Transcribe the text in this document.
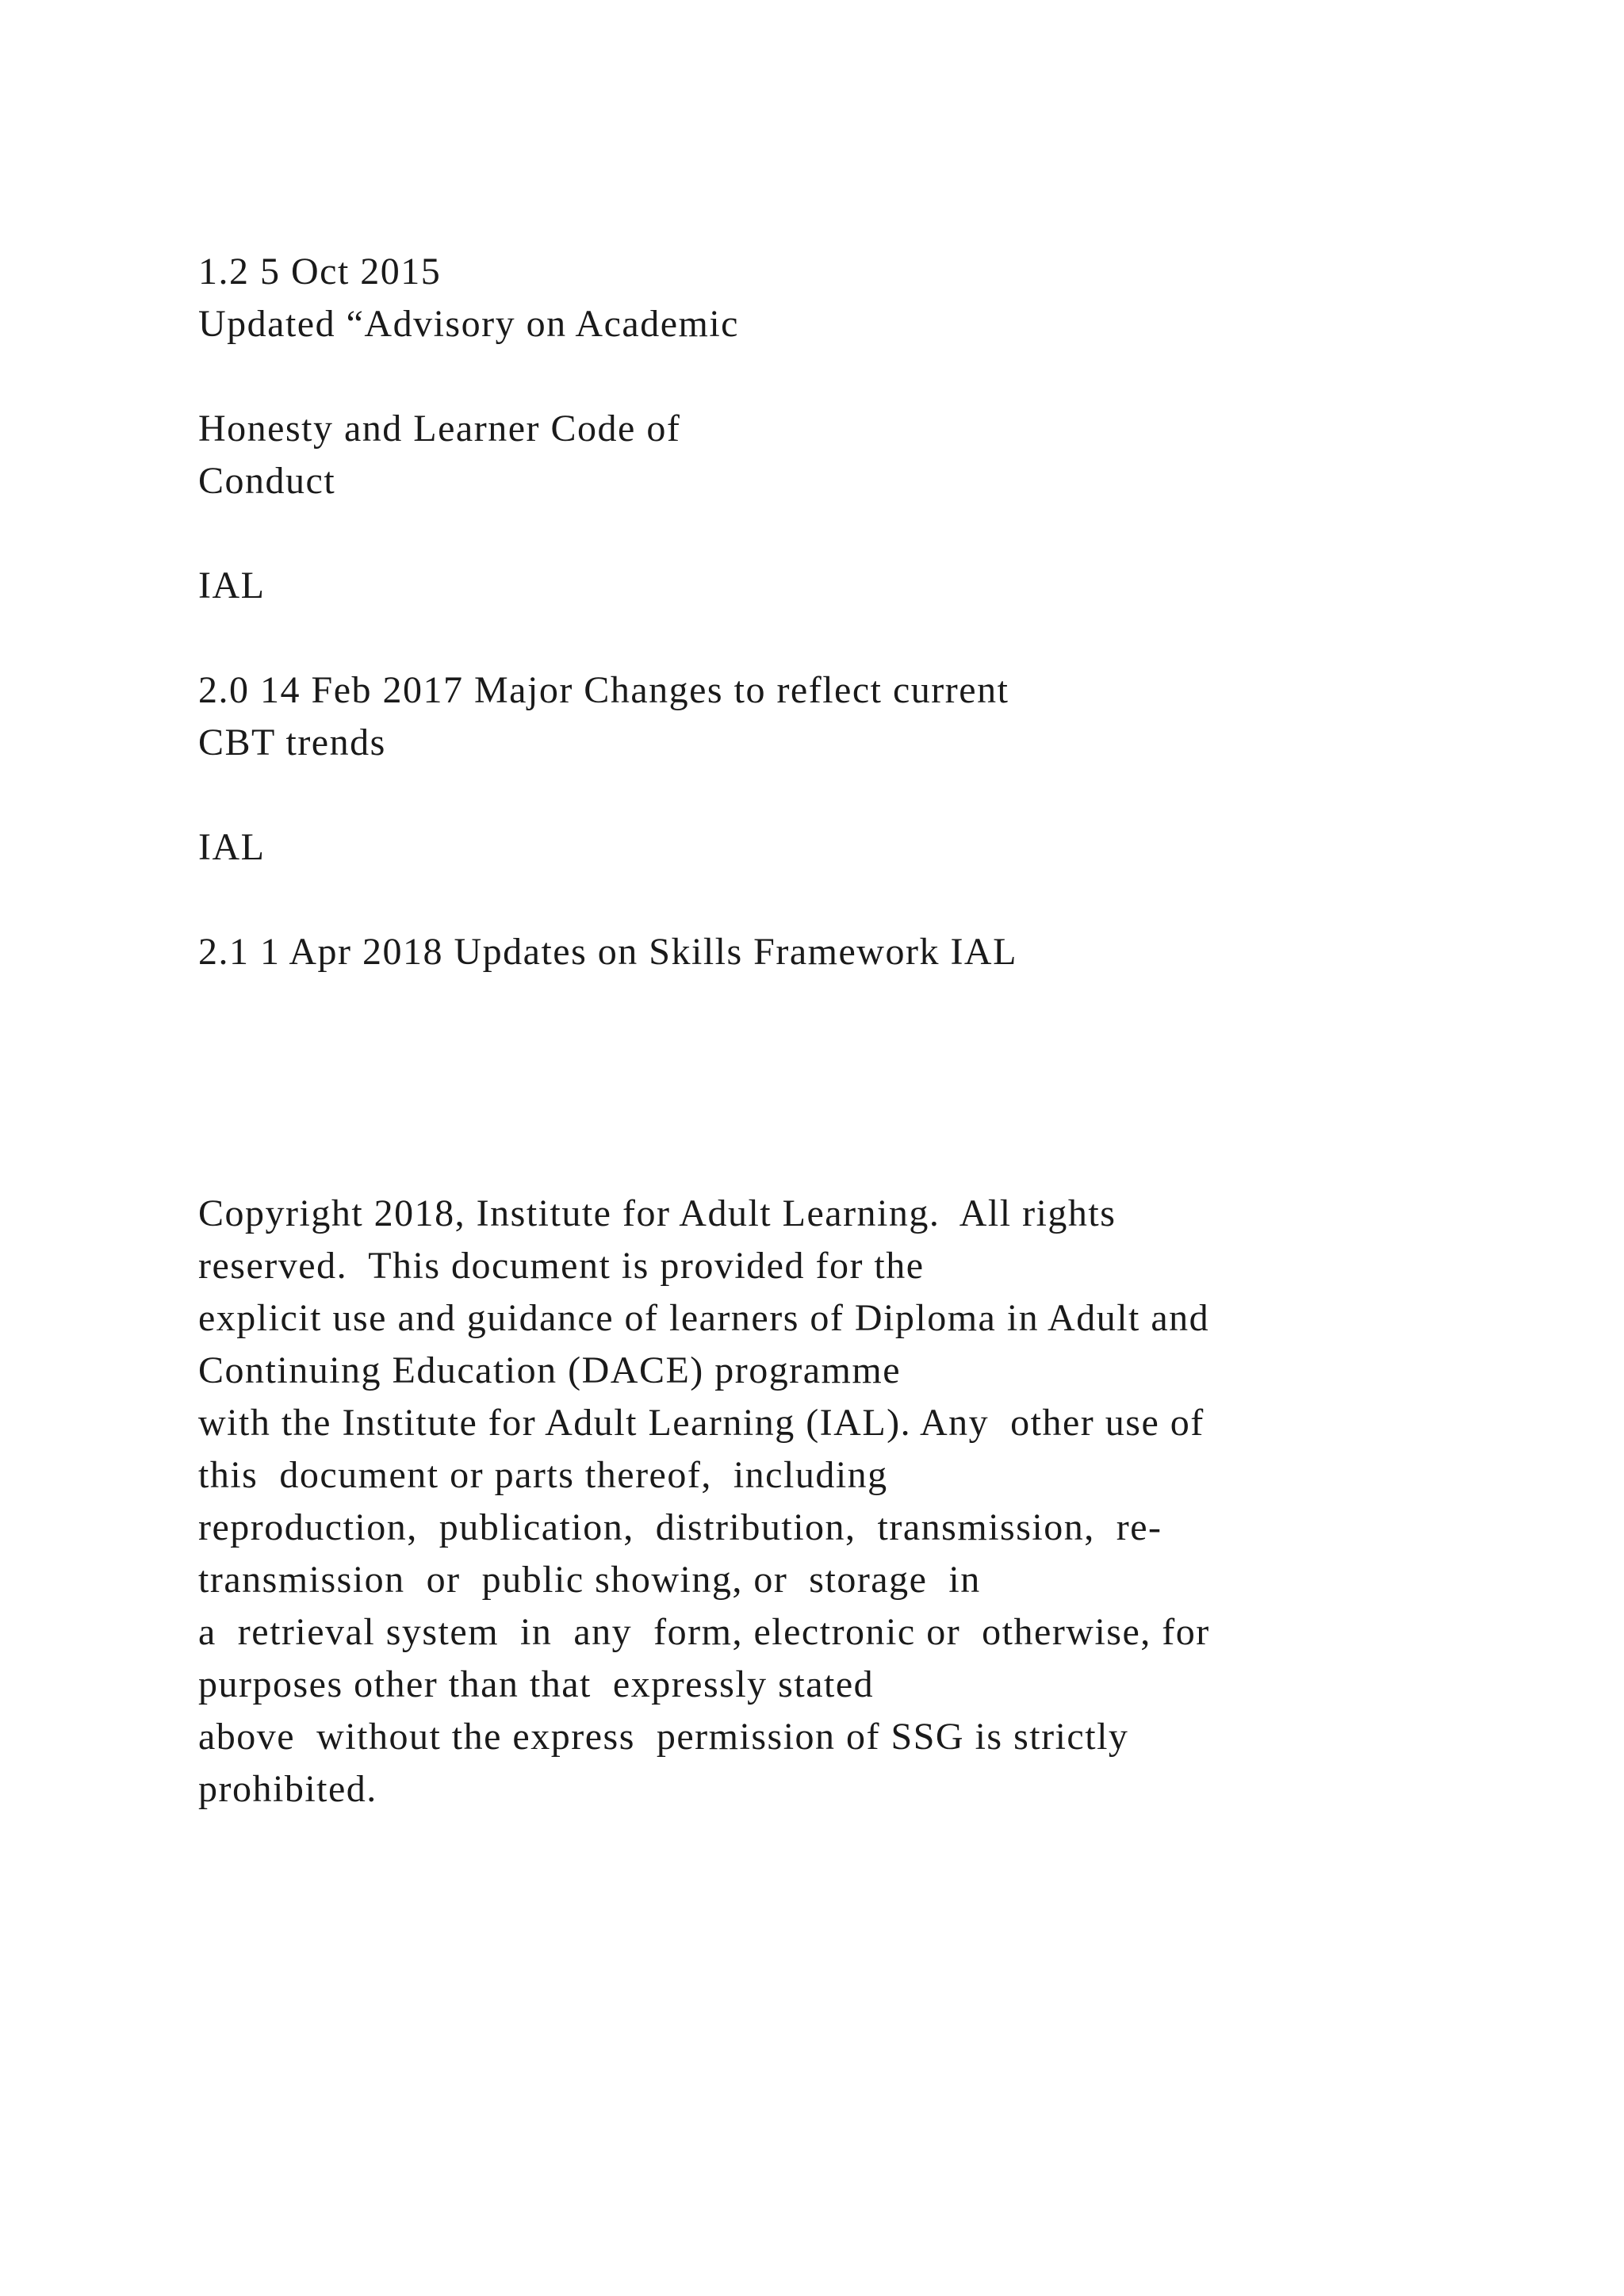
1.2 5 Oct 2015
Updated “Advisory on Academic

Honesty and Learner Code of
Conduct

IAL
2.0 14 Feb 2017 Major Changes to reflect current
CBT trends

IAL
2.1 1 Apr 2018 Updates on Skills Framework IAL
Copyright 2018, Institute for Adult Learning.  All rights
reserved.  This document is provided for the
explicit use and guidance of learners of Diploma in Adult and
Continuing Education (DACE) programme
with the Institute for Adult Learning (IAL). Any  other use of
this  document or parts thereof,  including
reproduction,  publication,  distribution,  transmission,  re-
transmission  or  public showing, or  storage  in
a  retrieval system  in  any  form, electronic or  otherwise, for
purposes other than that  expressly stated
above  without the express  permission of SSG is strictly
prohibited.
